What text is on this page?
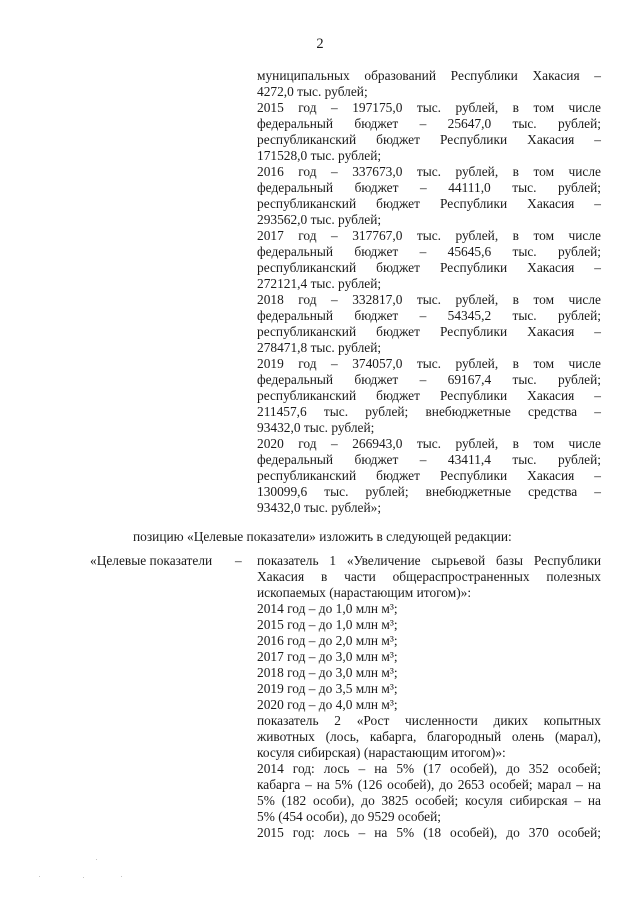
2
муниципальных образований Республики Хакасия –
4272,0 тыс. рублей;
2015 год – 197175,0 тыс. рублей, в том числе
федеральный бюджет – 25647,0 тыс. рублей;
республиканский бюджет Республики Хакасия –
171528,0 тыс. рублей;
2016 год – 337673,0 тыс. рублей, в том числе
федеральный бюджет – 44111,0 тыс. рублей;
республиканский бюджет Республики Хакасия –
293562,0 тыс. рублей;
2017 год – 317767,0 тыс. рублей, в том числе
федеральный бюджет – 45645,6 тыс. рублей;
республиканский бюджет Республики Хакасия –
272121,4 тыс. рублей;
2018 год – 332817,0 тыс. рублей, в том числе
федеральный бюджет – 54345,2 тыс. рублей;
республиканский бюджет Республики Хакасия –
278471,8 тыс. рублей;
2019 год – 374057,0 тыс. рублей, в том числе
федеральный бюджет – 69167,4 тыс. рублей;
республиканский бюджет Республики Хакасия –
211457,6 тыс. рублей; внебюджетные средства –
93432,0 тыс. рублей;
2020 год – 266943,0 тыс. рублей, в том числе
федеральный бюджет – 43411,4 тыс. рублей;
республиканский бюджет Республики Хакасия –
130099,6 тыс. рублей; внебюджетные средства –
93432,0 тыс. рублей»;
позицию «Целевые показатели» изложить в следующей редакции:
«Целевые показатели – показатель 1 «Увеличение сырьевой базы Республики
Хакасия в части общераспространенных полезных
ископаемых (нарастающим итогом)»:
2014 год – до 1,0 млн м³;
2015 год – до 1,0 млн м³;
2016 год – до 2,0 млн м³;
2017 год – до 3,0 млн м³;
2018 год – до 3,0 млн м³;
2019 год – до 3,5 млн м³;
2020 год – до 4,0 млн м³;
показатель 2 «Рост численности диких копытных
животных (лось, кабарга, благородный олень (марал),
косуля сибирская) (нарастающим итогом)»:
2014 год: лось – на 5% (17 особей), до 352 особей;
кабарга – на 5% (126 особей), до 2653 особей; марал – на
5% (182 особи), до 3825 особей; косуля сибирская – на
5% (454 особи), до 9529 особей;
2015 год: лось – на 5% (18 особей), до 370 особей;
